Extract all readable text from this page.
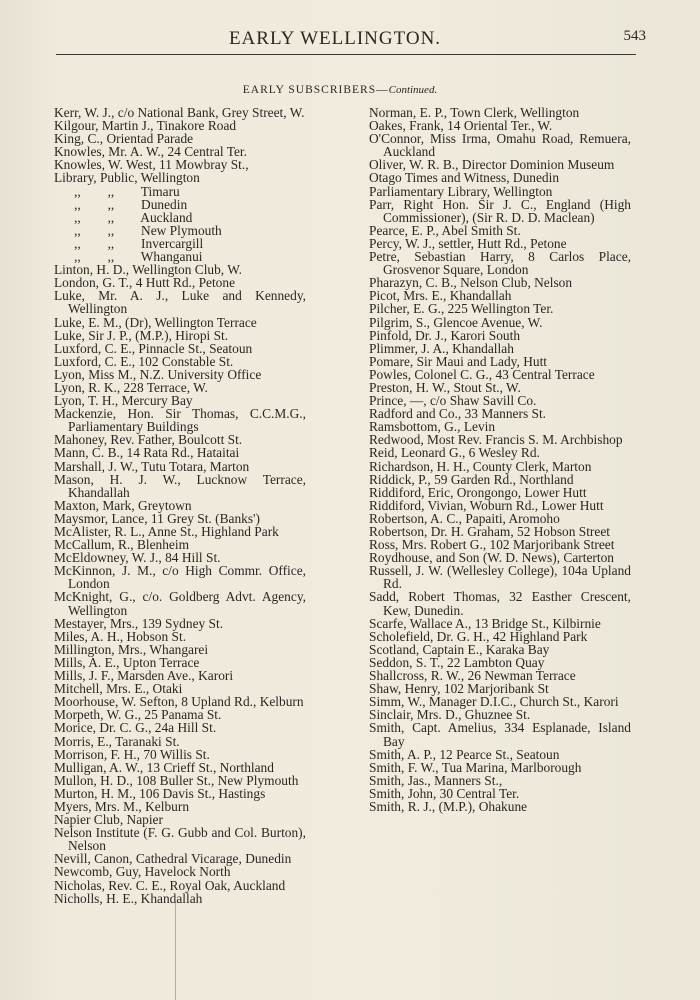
EARLY WELLINGTON.	543
EARLY SUBSCRIBERS—Continued.

Kerr, W. J., c/o National Bank, Grey Street, W.

Kilgour, Martin J., Tinakore Road

King, C., Orientad Parade

Knowles, Mr. A. W., 24 Central Ter.

Knowles, W. West, 11 Mowbray St.,

Library, Public, Wellington

,,        ,,        Timaru

,,        ,,        Dunedin

,,        ,,        Auckland

,,        ,,        New Plymouth

,,        ,,        Invercargill

,,        ,,        Whanganui

Linton, H. D., Wellington Club, W.

London, G. T., 4 Hutt Rd., Petone

Luke, Mr. A. J., Luke and Kennedy, Wellington

Luke, E. M., (Dr), Wellington Terrace

Luke, Sir J. P., (M.P.), Hiropi St.

Luxford, C. E., Pinnacle St., Seatoun

Luxford, C. E., 102 Constable St.

Lyon, Miss M., N.Z. University Office

Lyon, R. K., 228 Terrace, W.

Lyon, T. H., Mercury Bay

Mackenzie, Hon. Sir Thomas, C.C.M.G., Parliamentary Buildings

Mahoney, Rev. Father, Boulcott St.

Mann, C. B., 14 Rata Rd., Hataitai

Marshall, J. W., Tutu Totara, Marton

Mason, H. J. W., Lucknow Terrace, Khandallah

Maxton, Mark, Greytown

Maysmor, Lance, 11 Grey St. (Banks')

McAlister, R. L., Anne St., Highland Park

McCallum, R., Blenheim

McEldowney, W. J., 84 Hill St.

McKinnon, J. M., c/o High Commr. Office, London

McKnight, G., c/o. Goldberg Advt. Agency, Wellington

Mestayer, Mrs., 139 Sydney St.

Miles, A. H., Hobson St.

Millington, Mrs., Whangarei

Mills, A. E., Upton Terrace

Mills, J. F., Marsden Ave., Karori

Mitchell, Mrs. E., Otaki

Moorhouse, W. Sefton, 8 Upland Rd., Kelburn

Morpeth, W. G., 25 Panama St.

Morice, Dr. C. G., 24a Hill St.

Morris, E., Taranaki St.

Morrison, F. H., 70 Willis St.

Mulligan, A. W., 13 Crieff St., Northland

Mullon, H. D., 108 Buller St., New Plymouth

Murton, H. M., 106 Davis St., Hastings

Myers, Mrs. M., Kelburn

Napier Club, Napier

Nelson Institute (F. G. Gubb and Col. Burton), Nelson

Nevill, Canon, Cathedral Vicarage, Dunedin

Newcomb, Guy, Havelock North

Nicholas, Rev. C. E., Royal Oak, Auckland

Nicholls, H. E., Khandallah

Norman, E. P., Town Clerk, Wellington

Oakes, Frank, 14 Oriental Ter., W.

O'Connor, Miss Irma, Omahu Road, Remuera, Auckland

Oliver, W. R. B., Director Dominion Museum

Otago Times and Witness, Dunedin

Parliamentary Library, Wellington

Parr, Right Hon. Sir J. C., England (High Commissioner), (Sir R. D. D. Maclean)

Pearce, E. P., Abel Smith St.

Percy, W. J., settler, Hutt Rd., Petone

Petre, Sebastian Harry, 8 Carlos Place, Grosvenor Square, London

Pharazyn, C. B., Nelson Club, Nelson

Picot, Mrs. E., Khandallah

Pilcher, E. G., 225 Wellington Ter.

Pilgrim, S., Glencoe Avenue, W.

Pinfold, Dr. J., Karori South

Plimmer, J. A., Khandallah

Pomare, Sir Maui and Lady, Hutt

Powles, Colonel C. G., 43 Central Terrace

Preston, H. W., Stout St., W.

Prince, —, c/o Shaw Savill Co.

Radford and Co., 33 Manners St.

Ramsbottom, G., Levin

Redwood, Most Rev. Francis S. M. Archbishop

Reid, Leonard G., 6 Wesley Rd.

Richardson, H. H., County Clerk, Marton

Riddick, P., 59 Garden Rd., Northland

Riddiford, Eric, Orongongo, Lower Hutt

Riddiford, Vivian, Woburn Rd., Lower Hutt

Robertson, A. C., Papaiti, Aromoho

Robertson, Dr. H. Graham, 52 Hobson Street

Ross, Mrs. Robert G., 102 Marjoribank Street

Roydhouse, and Son (W. D. News), Carterton

Russell, J. W. (Wellesley College), 104a Upland Rd.

Sadd, Robert Thomas, 32 Easther Crescent, Kew, Dunedin.

Scarfe, Wallace A., 13 Bridge St., Kilbirnie

Scholefield, Dr. G. H., 42 Highland Park

Scotland, Captain E., Karaka Bay

Seddon, S. T., 22 Lambton Quay

Shallcross, R. W., 26 Newman Terrace

Shaw, Henry, 102 Marjoribank St

Simm, W., Manager D.I.C., Church St., Karori

Sinclair, Mrs. D., Ghuznee St.

Smith, Capt. Amelius, 334 Esplanade, Island Bay

Smith, A. P., 12 Pearce St., Seatoun

Smith, F. W., Tua Marina, Marlborough

Smith, Jas., Manners St.,

Smith, John, 30 Central Ter.

Smith, R. J., (M.P.), Ohakune
